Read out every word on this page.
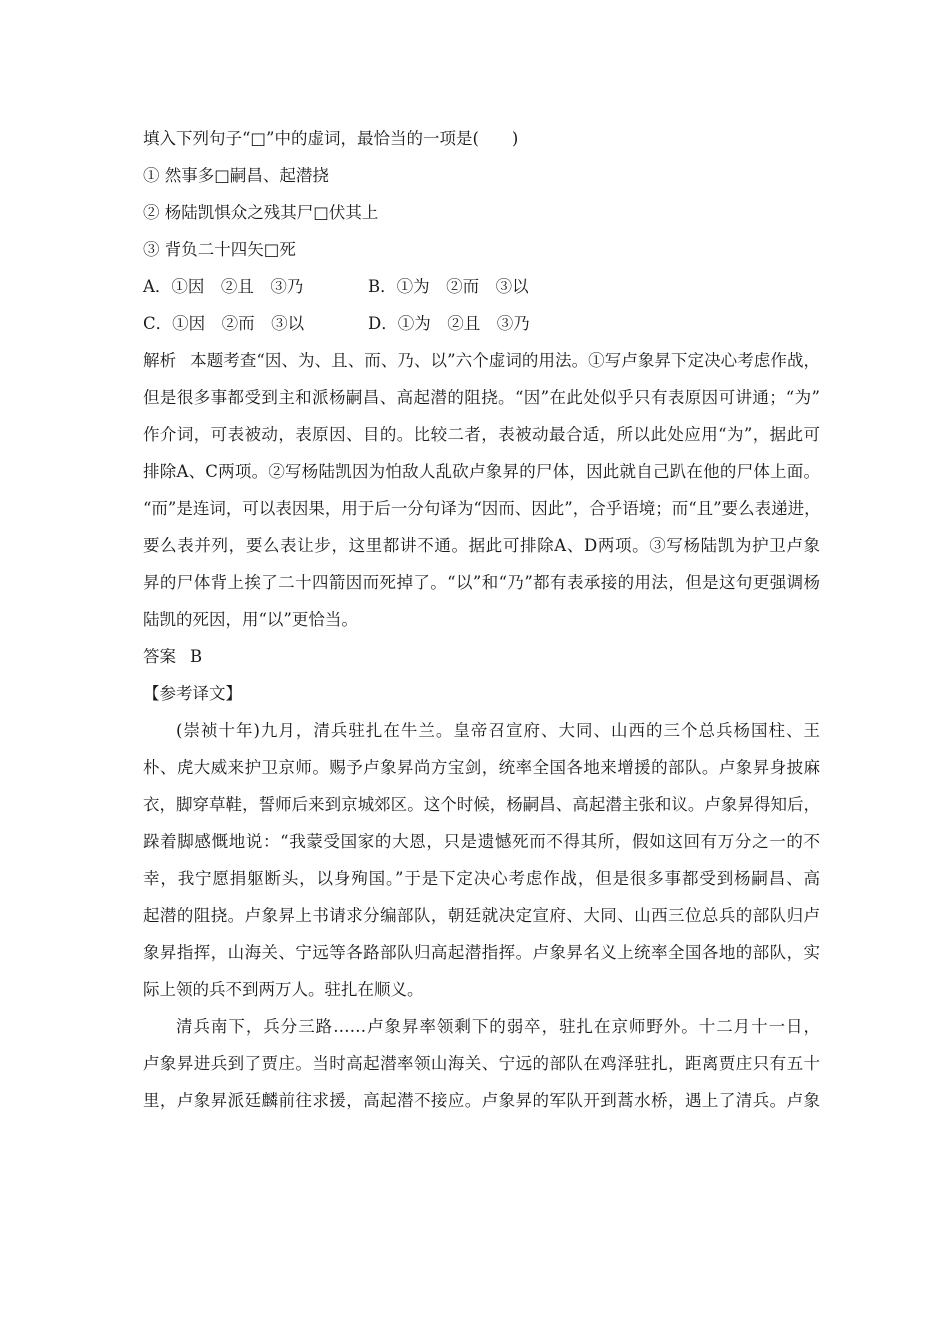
填入下列句子“□”中的虚词，最恰当的一项是(　　)
① 然事多□嗣昌、起潜挠
② 杨陆凯惧众之残其尸□伏其上
③ 背负二十四矢□死
A．①因　②且　③乃	B．①为　②而　③以
C．①因　②而　③以	D．①为　②且　③乃
解析 本题考查“因、为、且、而、乃、以”六个虚词的用法。①写卢象昇下定决心考虑作战，
但是很多事都受到主和派杨嗣昌、高起潜的阻挠。“因”在此处似乎只有表原因可讲通；“为”
作介词，可表被动，表原因、目的。比较二者，表被动最合适，所以此处应用“为”，据此可
排除A、C两项。②写杨陆凯因为怕敌人乱砍卢象昇的尸体，因此就自己趴在他的尸体上面。
“而”是连词，可以表因果，用于后一分句译为“因而、因此”，合乎语境；而“且”要么表递进，
要么表并列，要么表让步，这里都讲不通。据此可排除A、D两项。③写杨陆凯为护卫卢象
昇的尸体背上挨了二十四箭因而死掉了。“以”和“乃”都有表承接的用法，但是这句更强调杨
陆凯的死因，用“以”更恰当。
答案 B
【参考译文】
(崇祯十年)九月，清兵驻扎在牛兰。皇帝召宣府、大同、山西的三个总兵杨国柱、王
朴、虎大威来护卫京师。赐予卢象昇尚方宝剑，统率全国各地来增援的部队。卢象昇身披麻
衣，脚穿草鞋，誓师后来到京城郊区。这个时候，杨嗣昌、高起潜主张和议。卢象昇得知后，
跺着脚感慨地说：“我蒙受国家的大恩，只是遗憾死而不得其所，假如这回有万分之一的不
幸，我宁愿捐躯断头，以身殉国。”于是下定决心考虑作战，但是很多事都受到杨嗣昌、高
起潜的阻挠。卢象昇上书请求分编部队，朝廷就决定宣府、大同、山西三位总兵的部队归卢
象昇指挥，山海关、宁远等各路部队归高起潜指挥。卢象昇名义上统率全国各地的部队，实
际上领的兵不到两万人。驻扎在顺义。
清兵南下，兵分三路……卢象昇率领剩下的弱卒，驻扎在京师野外。十二月十一日，
卢象昇进兵到了贾庄。当时高起潜率领山海关、宁远的部队在鸡泽驻扎，距离贾庄只有五十
里，卢象昇派廷麟前往求援，高起潜不接应。卢象昇的军队开到蒿水桥，遇上了清兵。卢象
